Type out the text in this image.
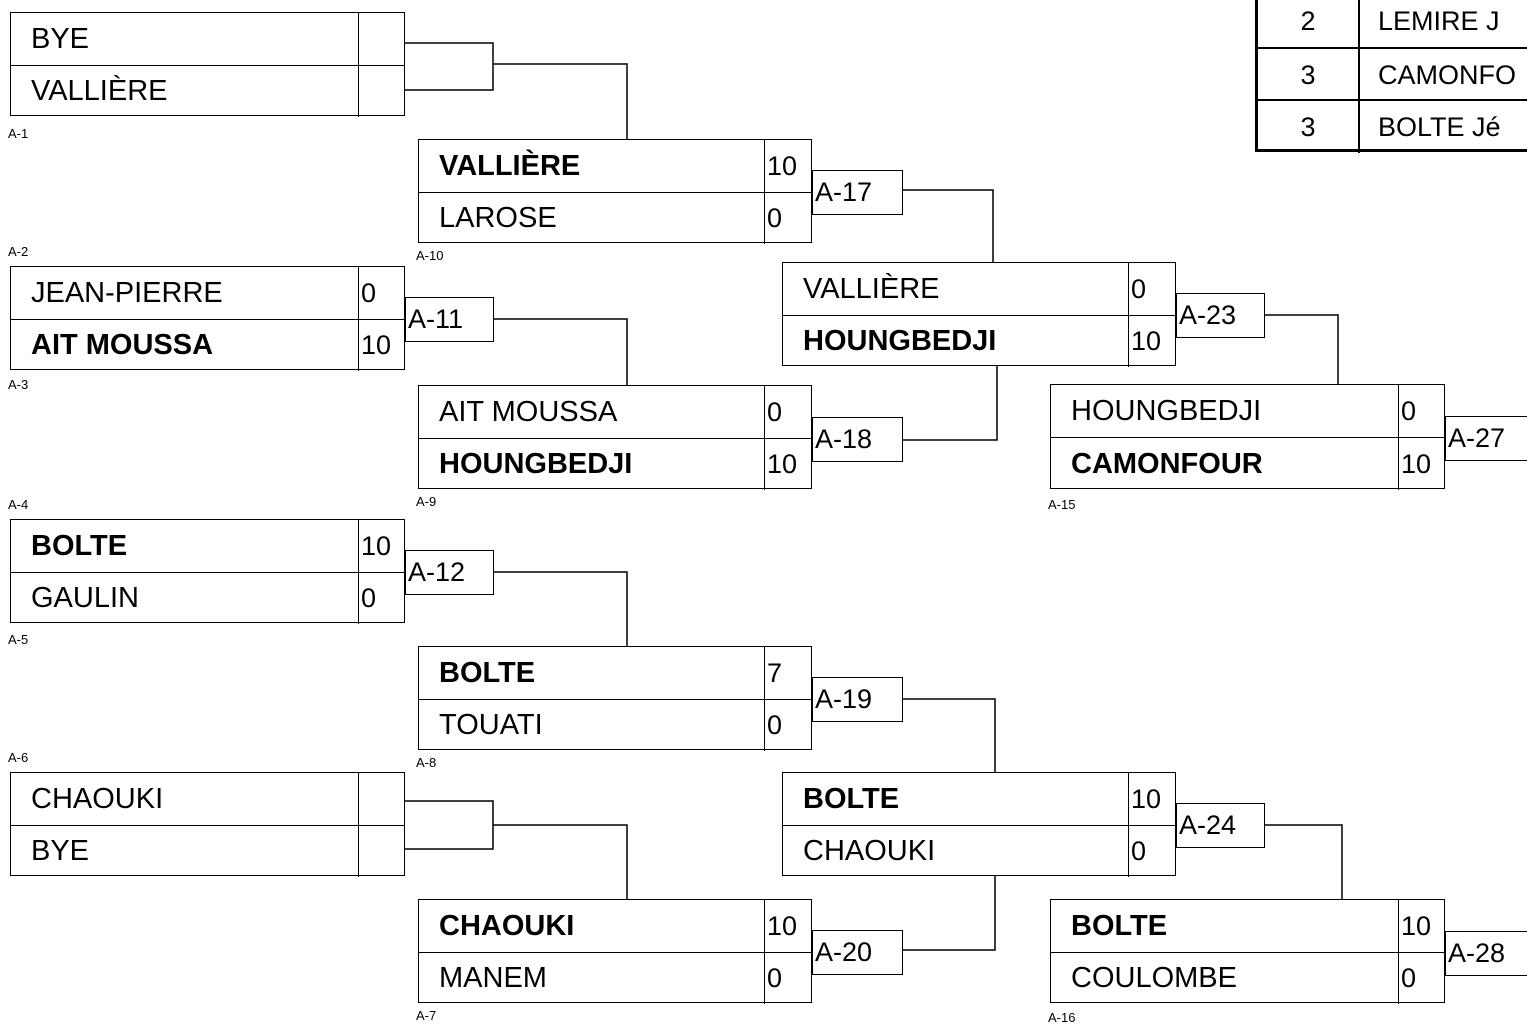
BYE
VALLIÈRE
A-1
A-2
JEAN-PIERRE	0
AIT MOUSSA	10
A-3
A-4
BOLTE	10
GAULIN	0
A-5
A-6
CHAOUKI
BYE
VALLIÈRE	10
LAROSE	0
A-10
AIT MOUSSA	0
HOUNGBEDJI	10
A-9
BOLTE	7
TOUATI	0
A-8
CHAOUKI	10
MANEM	0
A-7
VALLIÈRE	0
HOUNGBEDJI	10
BOLTE	10
CHAOUKI	0
HOUNGBEDJI	0
CAMONFOUR	10
A-15
BOLTE	10
COULOMBE	0
A-16
A-11
A-12
A-17
A-18
A-19
A-20
A-23
A-24
A-27
A-28
2	LEMIRE J
3	CAMONFO
3	BOLTE Jé
